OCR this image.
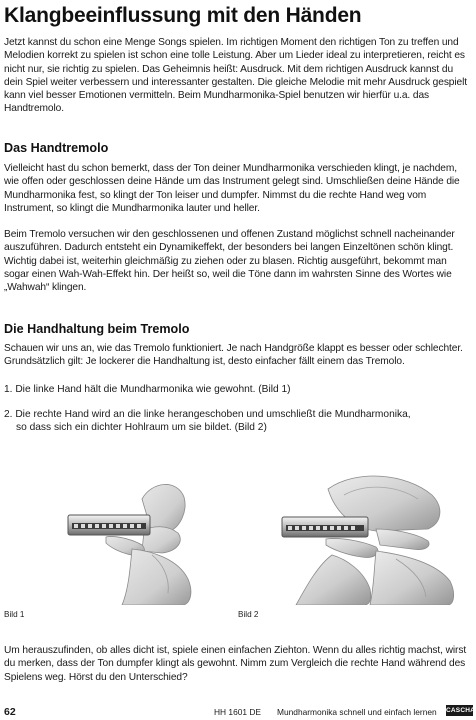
Klangbeeinflussung mit den Händen

Jetzt kannst du schon eine Menge Songs spielen. Im richtigen Moment den richtigen Ton zu treffen und Melodien korrekt zu spielen ist schon eine tolle Leistung. Aber um Lieder ideal zu interpretieren, reicht es nicht nur, sie richtig zu spielen. Das Geheimnis heißt: Ausdruck. Mit dem richtigen Ausdruck kannst du dein Spiel weiter verbessern und interessanter gestalten. Die gleiche Melodie mit mehr Ausdruck gespielt kann viel besser Emotionen vermitteln. Beim Mundharmonika-Spiel benutzen wir hierfür u.a. das Handtremolo.

Das Handtremolo

Vielleicht hast du schon bemerkt, dass der Ton deiner Mundharmonika verschieden klingt, je nachdem, wie offen oder geschlossen deine Hände um das Instrument gelegt sind. Umschließen deine Hände die Mundharmonika fest, so klingt der Ton leiser und dumpfer. Nimmst du die rechte Hand weg vom Instrument, so klingt die Mundharmonika lauter und heller.

Beim Tremolo versuchen wir den geschlossenen und offenen Zustand möglichst schnell nacheinander auszuführen. Dadurch entsteht ein Dynamikeffekt, der besonders bei langen Einzeltönen schön klingt. Wichtig dabei ist, weiterhin gleichmäßig zu ziehen oder zu blasen. Richtig ausgeführt, bekommt man sogar einen Wah-Wah-Effekt hin. Der heißt so, weil die Töne dann im wahrsten Sinne des Wortes wie „Wahwah“ klingen.

Die Handhaltung beim Tremolo

Schauen wir uns an, wie das Tremolo funktioniert. Je nach Handgröße klappt es besser oder schlechter. Grundsätzlich gilt: Je lockerer die Handhaltung ist, desto einfacher fällt einem das Tremolo.

1. Die linke Hand hält die Mundharmonika wie gewohnt. (Bild 1)

2. Die rechte Hand wird an die linke herangeschoben und umschließt die Mundharmonika,
so dass sich ein dichter Hohlraum um sie bildet. (Bild 2)

Bild 1	Bild 2

Um herauszufinden, ob alles dicht ist, spiele einen einfachen Ziehton. Wenn du alles richtig machst, wirst du merken, dass der Ton dumpfer klingt als gewohnt. Nimm zum Vergleich die rechte Hand während des Spielens weg. Hörst du den Unterschied?

62	HH 1601 DE Mundharmonika schnell und einfach lernen CASCHA
